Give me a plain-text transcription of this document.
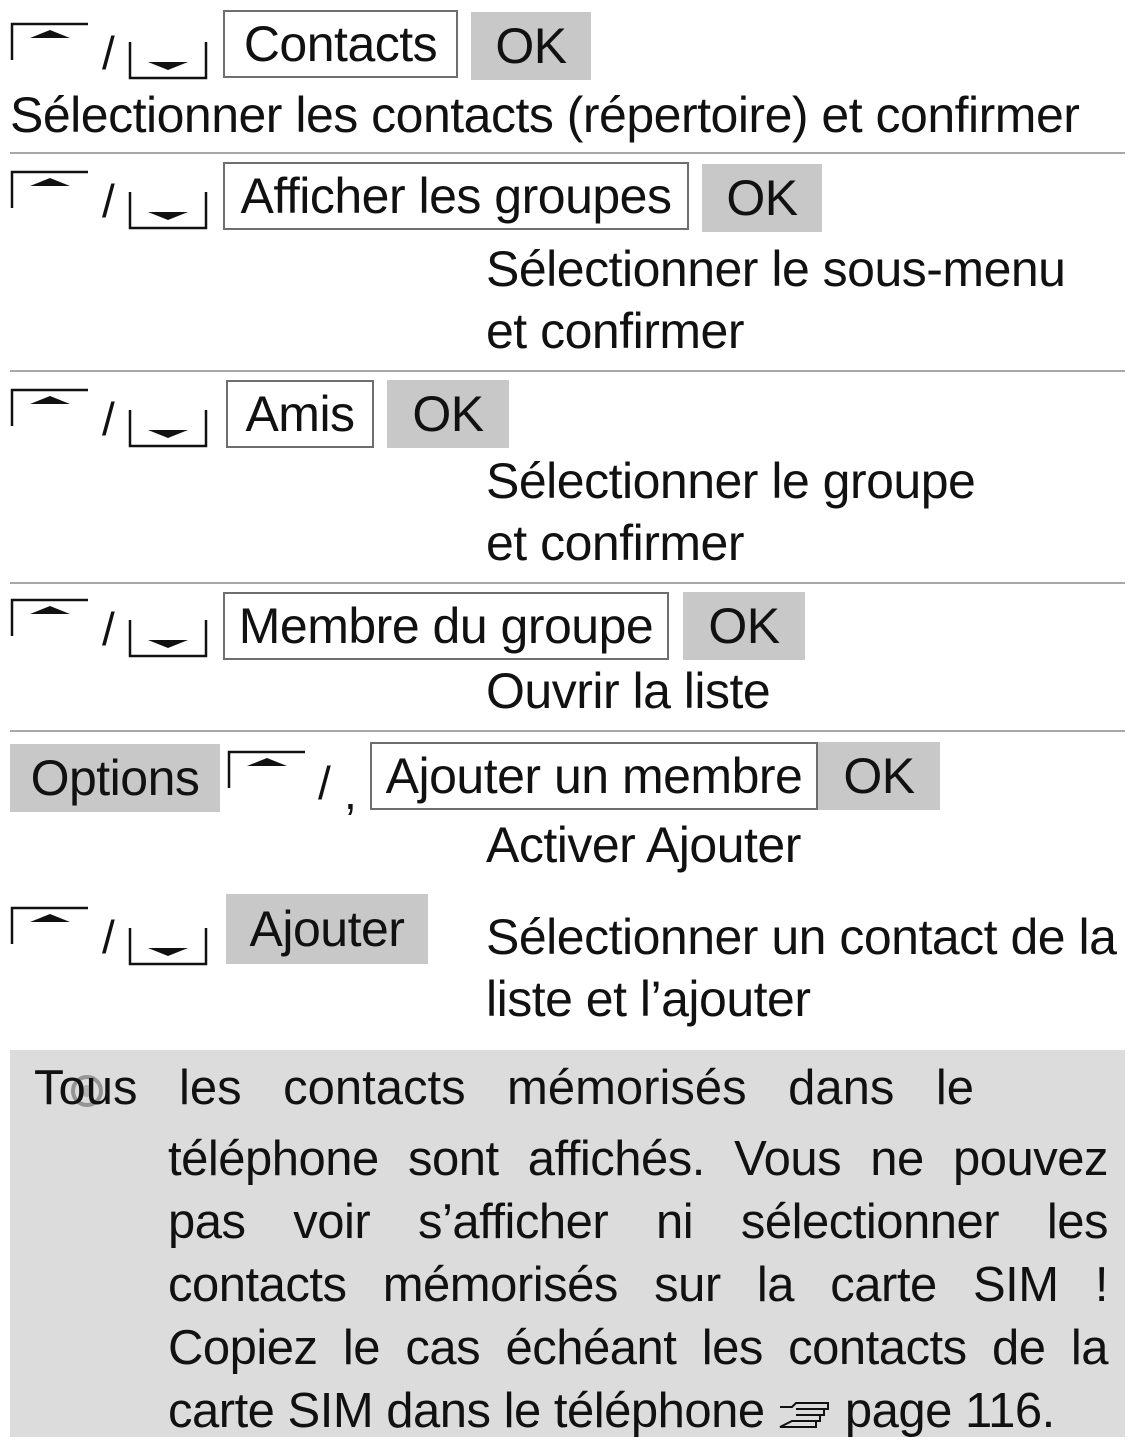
/	Contacts	OK
Sélectionner les contacts (répertoire) et confirmer
/	Afficher les groupes	OK
Sélectionner le sous-menu
et confirmer
/	Amis	OK
Sélectionner le groupe
et confirmer
/	Membre du groupe	OK
Ouvrir la liste
Options	/ , Ajouter un membre OK
Activer Ajouter
/	Ajouter	Sélectionner un contact de la
liste et l’ajouter
Tous les contacts mémorisés dans le
téléphone sont affichés. Vous ne pouvez pas voir s’afficher ni sélectionner les contacts mémorisés sur la carte SIM ! Copiez le cas échéant les contacts de la carte SIM dans le téléphone page 116.
